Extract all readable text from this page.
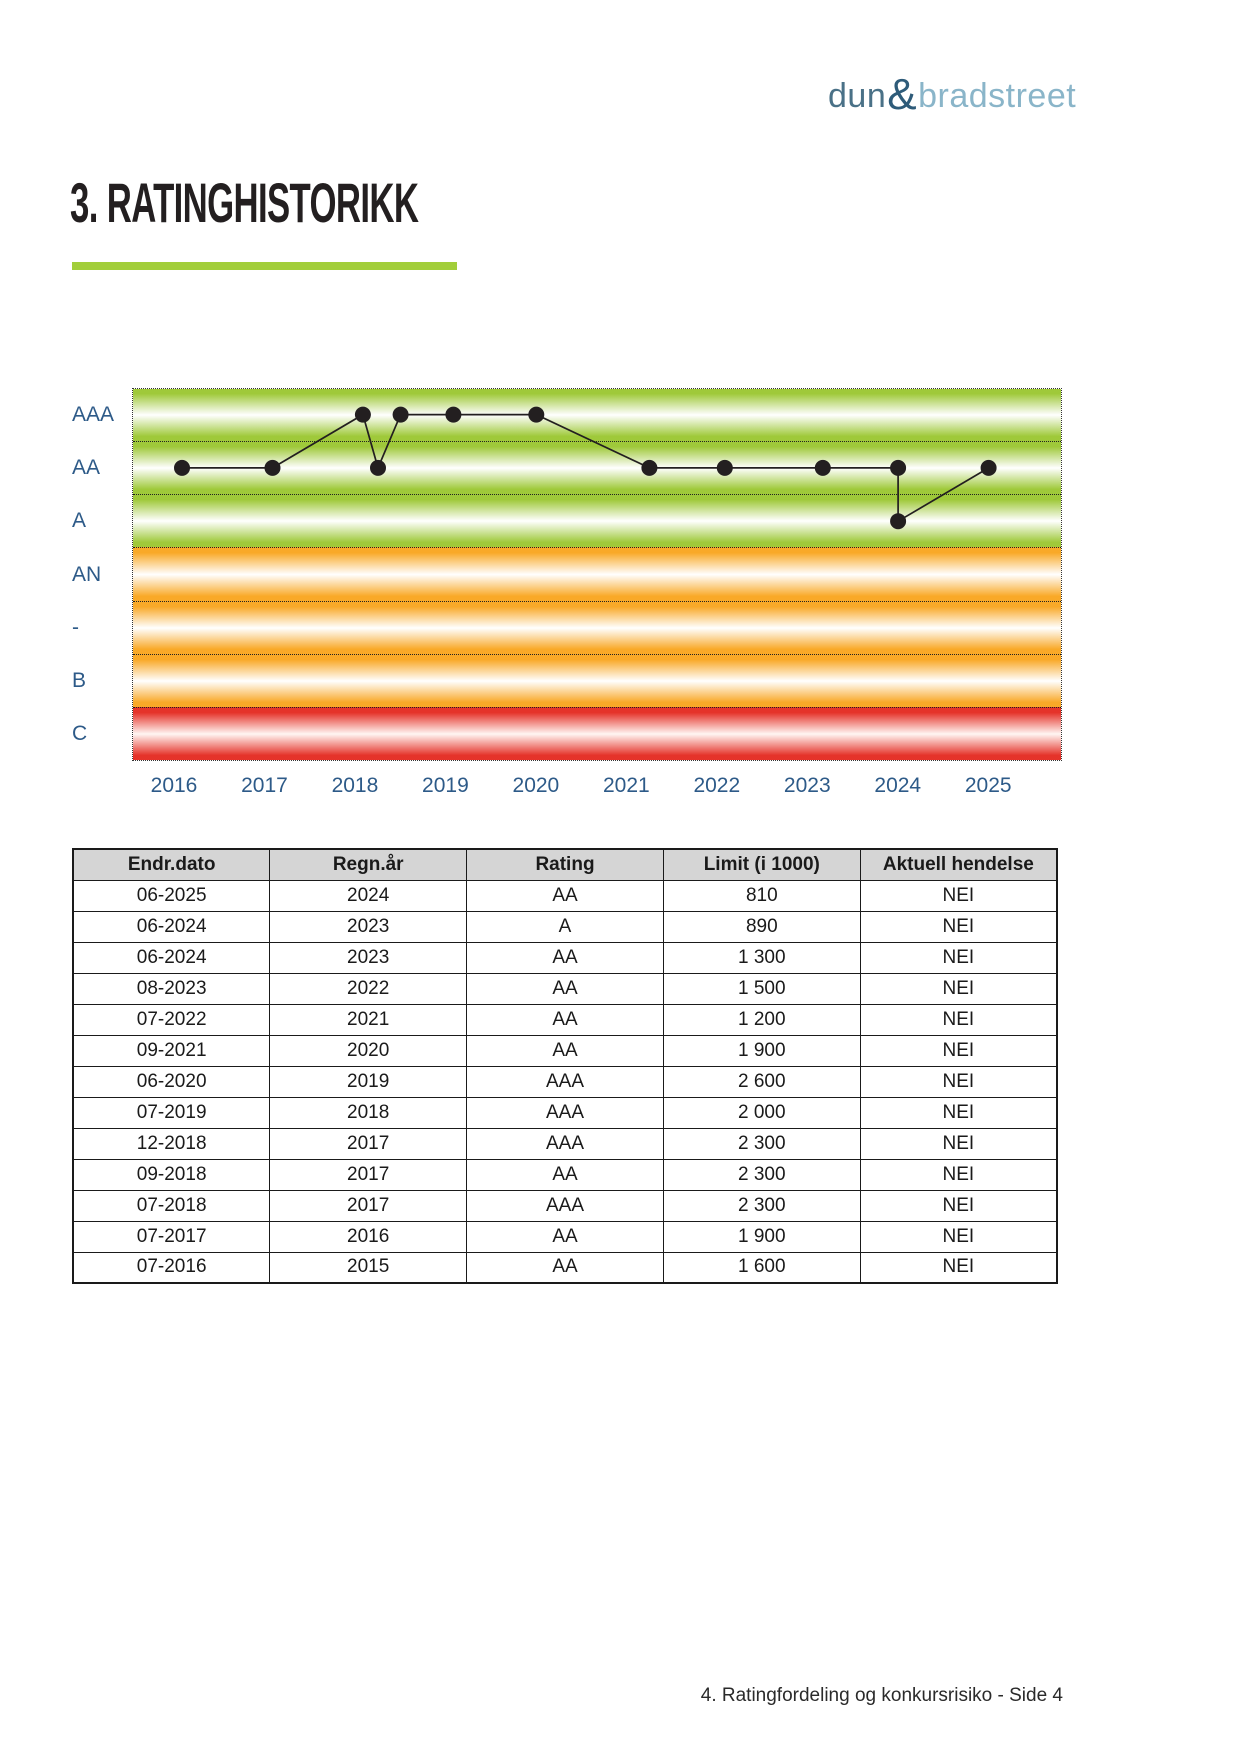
dun & bradstreet
3. RATINGHISTORIKK
Endr.dato	Regn.år	Rating	Limit (i 1000)	Aktuell hendelse
06-2025	2024	AA	810	NEI
06-2024	2023	A	890	NEI
06-2024	2023	AA	1 300	NEI
08-2023	2022	AA	1 500	NEI
07-2022	2021	AA	1 200	NEI
09-2021	2020	AA	1 900	NEI
06-2020	2019	AAA	2 600	NEI
07-2019	2018	AAA	2 000	NEI
12-2018	2017	AAA	2 300	NEI
09-2018	2017	AA	2 300	NEI
07-2018	2017	AAA	2 300	NEI
07-2017	2016	AA	1 900	NEI
07-2016	2015	AA	1 600	NEI
4. Ratingfordeling og konkursrisiko - Side 4
AAA
AA
A
AN
-
B
C
2016	2017	2018	2019	2020	2021	2022	2023	2024	2025
